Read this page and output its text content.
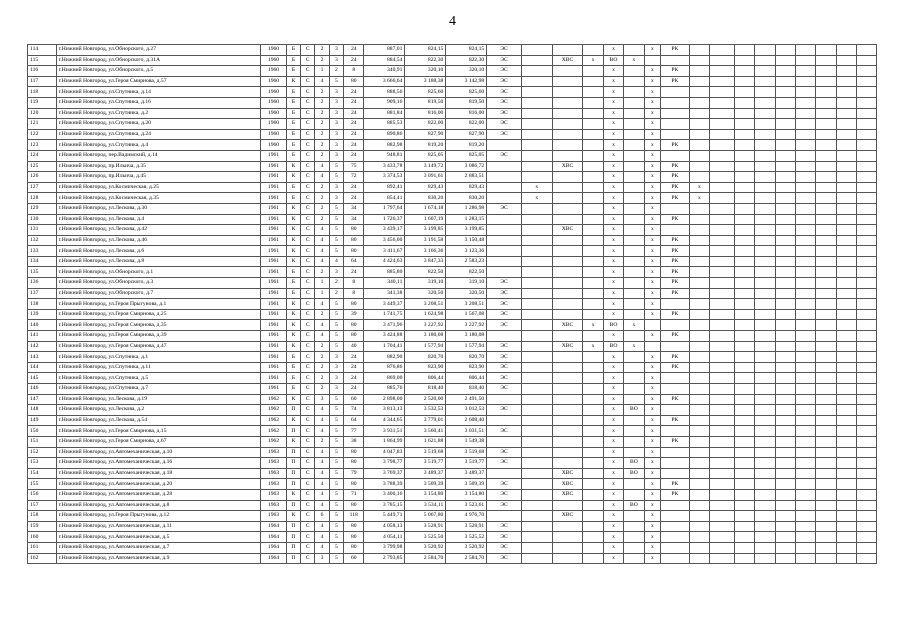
4
114	г.Нижний Новгород, ул.Обнорского, д.27	1960	Б	С	2	3	24	887,01	824,15	824,15	ЭС				х		х	РК									
115	г.Нижний Новгород, ул.Обнорского, д.31А	1960	Б	С	2	3	24	884,54	822,30	822,30	ЭС		ХВС	х	ВО	х											
116	г.Нижний Новгород, ул.Обнорского, д.5	1960	Б	С	1	2	8	340,91	320,10	320,10	ЭС				х		х	РК									
117	г.Нижний Новгород, ул.Героя Смирнова, д.57	1960	К	С	4	5	80	3 666,64	3 188,38	3 142,98	ЭС				х		х	РК									
118	г.Нижний Новгород, ул.Спутника, д.14	1960	Б	С	2	3	24	888,56	825,60	825,60	ЭС				х		х										
119	г.Нижний Новгород, ул.Спутника, д.16	1960	Б	С	2	3	24	909,16	819,50	819,50	ЭС				х		х										
120	г.Нижний Новгород, ул.Спутника, д.2	1960	Б	С	2	3	24	881,84	816,00	816,00	ЭС				х		х										
121	г.Нижний Новгород, ул.Спутника, д.20	1960	Б	С	2	3	24	885,53	822,00	822,00	ЭС				х		х										
122	г.Нижний Новгород, ул.Спутника, д.24	1960	Б	С	2	3	24	890,86	827,90	827,90	ЭС				х		х										
123	г.Нижний Новгород, ул.Спутника, д.4	1960	Б	С	2	3	24	882,98	819,20	819,20					х		х	РК									
124	г.Нижний Новгород, пер.Вадимский, д.14	1961	Б	С	2	3	24	948,81	825,05	825,05	ЭС				х		х										
125	г.Нижний Новгород, пр.Ильича, д.35	1961	К	С	4	5	75	3 433,78	3 149,72	3 086,72			ХВС		х		х	РК									
126	г.Нижний Новгород, пр.Ильича, д.45	1961	К	С	4	5	72	3 374,53	3 091,61	2 883,51					х		х	РК									
127	г.Нижний Новгород, ул.Космическая, д.25	1961	Б	С	2	3	24	892,41	829,43	829,43		х			х		х	РК	х								
128	г.Нижний Новгород, ул.Космическая, д.35	1961	Б	С	2	3	24	854,41	830,20	830,20		х			х		х	РК	х								
129	г.Нижний Новгород, ул.Лескова, д.30	1961	К	С	2	5	34	1 797,64	1 674,18	1 286,98	ЭС				х		х										
130	г.Нижний Новгород, ул.Лескова, д.4	1961	К	С	2	5	34	1 726,37	1 607,19	1 283,15					х		х	РК									
131	г.Нижний Новгород, ул.Лескова, д.42	1961	К	С	4	5	80	3 439,17	3 199,85	3 199,85			ХВС		х		х										
132	г.Нижний Новгород, ул.Лескова, д.46	1961	К	С	4	5	80	3 456,00	3 191,58	3 150,48					х		х	РК									
133	г.Нижний Новгород, ул.Лескова, д.6	1961	К	С	4	5	80	3 411,67	3 166,36	3 123,36					х		х	РК									
134	г.Нижний Новгород, ул.Лескова, д.8	1961	К	С	4	4	64	4 424,63	3 847,33	2 583,23					х		х	РК									
135	г.Нижний Новгород, ул.Обнорского, д.1	1961	Б	С	2	3	24	885,80	822,50	822,50					х		х	РК									
136	г.Нижний Новгород, ул.Обнорского, д.3	1961	Б	С	1	2	8	340,11	319,10	319,10	ЭС				х		х	РК									
137	г.Нижний Новгород, ул.Обнорского, д.7	1961	Б	С	1	2	8	341,38	320,50	320,50	ЭС				х		х	РК									
138	г.Нижний Новгород, ул.Героя Прыгунова, д.1	1961	К	С	4	5	80	3 449,37	3 208,51	3 208,51	ЭС				х		х										
139	г.Нижний Новгород, ул.Героя Смирнова, д.25	1961	К	С	2	5	39	1 741,75	1 624,98	1 567,08	ЭС				х		х	РК									
140	г.Нижний Новгород, ул.Героя Смирнова, д.35	1961	К	С	4	5	80	3 471,96	3 227,92	3 227,92	ЭС		ХВС	х	ВО	х											
141	г.Нижний Новгород, ул.Героя Смирнова, д.39	1961	К	С	4	5	80	3 424,88	3 180,08	3 180,08					х		х	РК									
142	г.Нижний Новгород, ул.Героя Смирнова, д.47	1961	К	С	2	5	40	1 704,41	1 577,94	1 577,94	ЭС		ХВС	х	ВО	х											
143	г.Нижний Новгород, ул.Спутника, д.1	1961	Б	С	2	3	24	882,90	820,70	820,70	ЭС				х		х	РК									
144	г.Нижний Новгород, ул.Спутника, д.11	1961	Б	С	2	3	24	876,86	823,90	823,90	ЭС				х		х	РК									
145	г.Нижний Новгород, ул.Спутника, д.5	1961	Б	С	2	3	24	869,00	806,44	806,44	ЭС				х		х										
146	г.Нижний Новгород, ул.Спутника, д.7	1961	Б	С	2	3	24	885,76	818,40	818,40	ЭС				х		х										
147	г.Нижний Новгород, ул.Лескова, д.19	1962	К	С	3	5	60	2 898,00	2 520,00	2 491,50					х		х	РК									
148	г.Нижний Новгород, ул.Лескова, д.2	1962	П	С	4	5	74	3 813,13	3 532,53	3 012,53	ЭС				х	ВО	х										
149	г.Нижний Новгород, ул.Лескова, д.54	1962	К	С	4	5	64	4 344,65	3 779,01	2 608,40					х		х	РК									
150	г.Нижний Новгород, ул.Героя Смирнова, д.15	1962	П	С	4	5	77	3 931,51	3 560,41	3 031,51	ЭС				х		х										
151	г.Нижний Новгород, ул.Героя Смирнова, д.67	1962	К	С	2	5	38	1 864,99	1 621,88	1 549,38					х		х	РК									
152	г.Нижний Новгород, ул.Автомеханическая, д.10	1963	П	С	4	5	80	4 047,83	3 519,68	3 519,68	ЭС				х		х										
153	г.Нижний Новгород, ул.Автомеханическая, д.16	1963	П	С	4	5	80	3 798,77	3 519,77	3 519,77	ЭС				х	ВО	х										
154	г.Нижний Новгород, ул.Автомеханическая, д.18	1963	П	С	4	5	79	3 769,37	3 489,37	3 489,37			ХВС		х	ВО	х										
155	г.Нижний Новгород, ул.Автомеханическая, д.20	1963	П	С	4	5	80	3 788,39	3 509,39	3 509,39	ЭС		ХВС		х		х	РК									
156	г.Нижний Новгород, ул.Автомеханическая, д.28	1963	К	С	4	5	71	3 400,16	3 154,80	3 154,80	ЭС		ХВС		х		х	РК									
157	г.Нижний Новгород, ул.Автомеханическая, д.8	1963	П	С	4	5	80	3 785,15	3 534,11	3 523,61	ЭС				х	ВО	х										
158	г.Нижний Новгород, ул.Героя Прыгунова, д.12	1963	К	С	6	5	118	5 449,71	5 067,80	4 976,70			ХВС		х		х										
159	г.Нижний Новгород, ул.Автомеханическая, д.11	1964	П	С	4	5	80	4 058,13	3 528,91	3 528,91	ЭС				х		х										
160	г.Нижний Новгород, ул.Автомеханическая, д.5	1964	П	С	4	5	80	4 054,11	3 525,50	3 525,52	ЭС				х		х										
161	г.Нижний Новгород, ул.Автомеханическая, д.7	1964	П	С	4	5	80	3 799,98	3 520,92	3 520,92	ЭС				х		х										
162	г.Нижний Новгород, ул.Автомеханическая, д.9	1964	П	С	3	5	60	2 793,85	2 584,70	2 584,70	ЭС				х		х										
